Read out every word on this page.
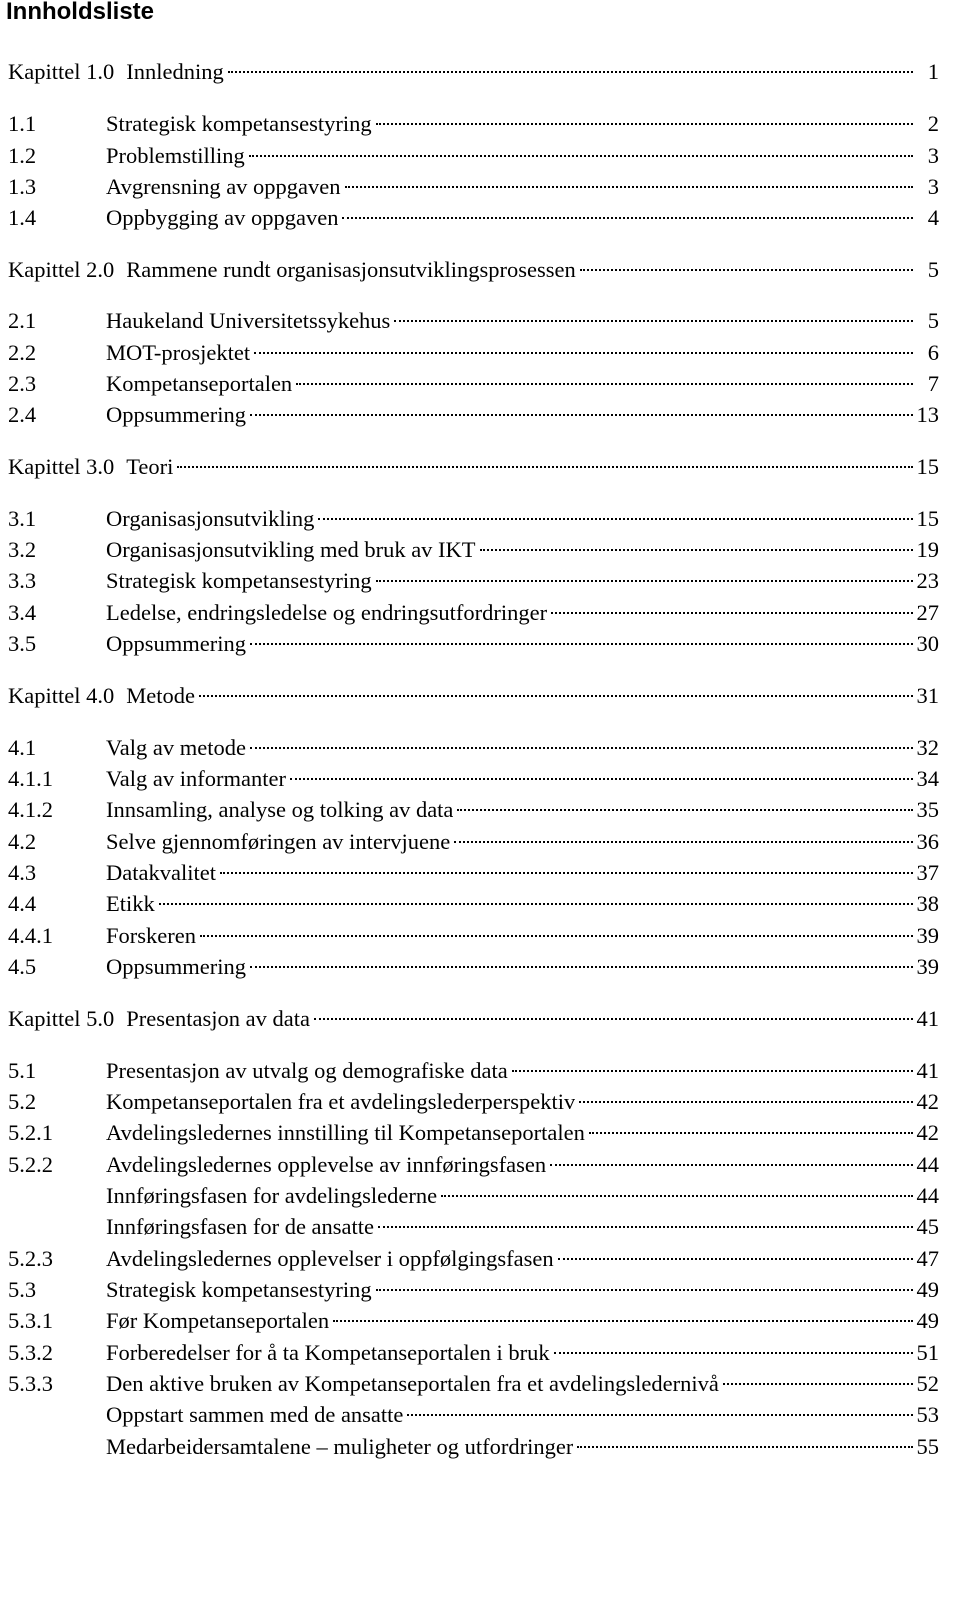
Innholdsliste
Kapittel 1.0 Innledning	1
1.1	Strategisk kompetansestyring	2
1.2	Problemstilling	3
1.3	Avgrensning av oppgaven	3
1.4	Oppbygging av oppgaven	4
Kapittel 2.0 Rammene rundt organisasjonsutviklingsprosessen	5
2.1	Haukeland Universitetssykehus	5
2.2	MOT-prosjektet	6
2.3	Kompetanseportalen	7
2.4	Oppsummering	13
Kapittel 3.0 Teori	15
3.1	Organisasjonsutvikling	15
3.2	Organisasjonsutvikling med bruk av IKT	19
3.3	Strategisk kompetansestyring	23
3.4	Ledelse, endringsledelse og endringsutfordringer	27
3.5	Oppsummering	30
Kapittel 4.0 Metode	31
4.1	Valg av metode	32
4.1.1	Valg av informanter	34
4.1.2	Innsamling, analyse og tolking av data	35
4.2	Selve gjennomføringen av intervjuene	36
4.3	Datakvalitet	37
4.4	Etikk	38
4.4.1	Forskeren	39
4.5	Oppsummering	39
Kapittel 5.0 Presentasjon av data	41
5.1	Presentasjon av utvalg og demografiske data	41
5.2	Kompetanseportalen fra et avdelingslederperspektiv	42
5.2.1	Avdelingsledernes innstilling til Kompetanseportalen	42
5.2.2	Avdelingsledernes opplevelse av innføringsfasen	44
Innføringsfasen for avdelingslederne	44
Innføringsfasen for de ansatte	45
5.2.3	Avdelingsledernes opplevelser i oppfølgingsfasen	47
5.3	Strategisk kompetansestyring	49
5.3.1	Før Kompetanseportalen	49
5.3.2	Forberedelser for å ta Kompetanseportalen i bruk	51
5.3.3	Den aktive bruken av Kompetanseportalen fra et avdelingsledernivå	52
Oppstart sammen med de ansatte	53
Medarbeidersamtalene – muligheter og utfordringer	55
